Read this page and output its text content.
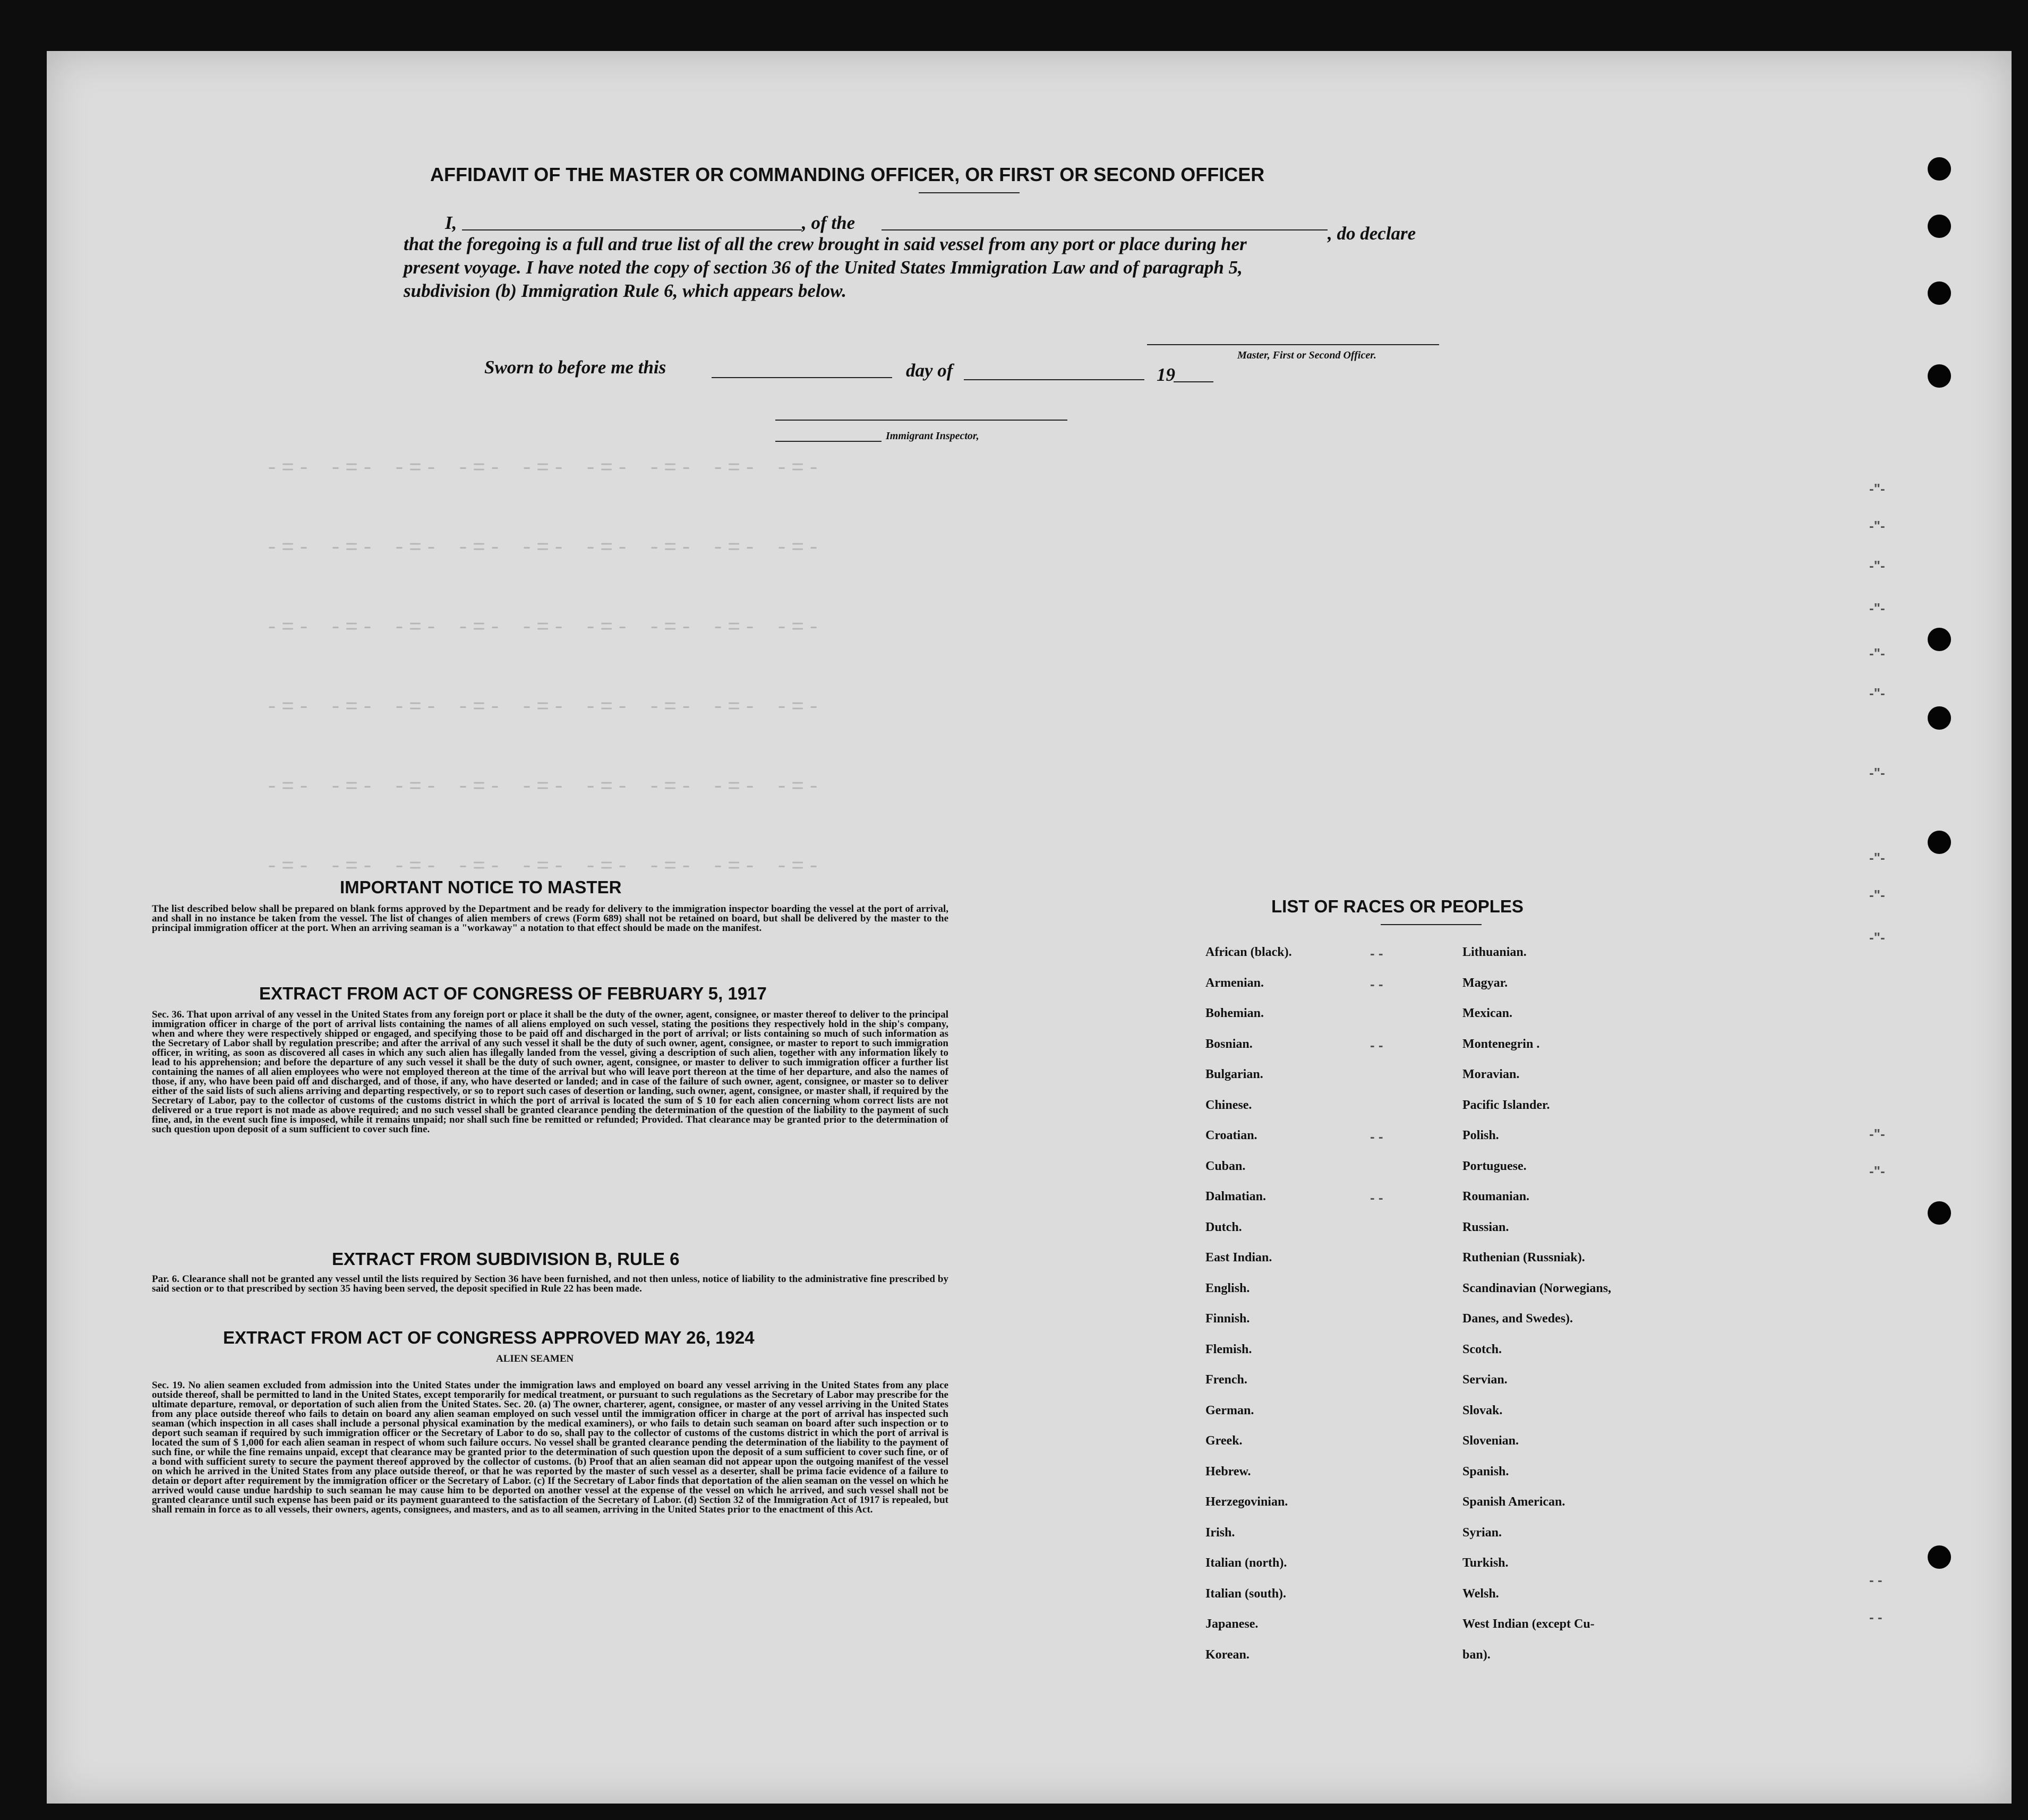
-=- -=- -=- -=- -=- -=- -=- -=- -=-
-=- -=- -=- -=- -=- -=- -=- -=- -=-
-=- -=- -=- -=- -=- -=- -=- -=- -=-
-=- -=- -=- -=- -=- -=- -=- -=- -=-
-=- -=- -=- -=- -=- -=- -=- -=- -=-
-=- -=- -=- -=- -=- -=- -=- -=- -=-
-"-
-"-
-"-
-"-
-"-
-"-
-"-
-"-
-"-
-"-
-"-
-"-
- -
- -
AFFIDAVIT OF THE MASTER OR COMMANDING OFFICER, OR FIRST OR SECOND OFFICER
I,	, of the
, do declare
that the foregoing is a full and true list of all the crew brought in said vessel from any port or place during her
present voyage. I have noted the copy of section 36 of the United States Immigration Law and of paragraph 5,
subdivision (b) Immigration Rule 6, which appears below.
Master, First or Second Officer.
Sworn to before me this	day of	19
Immigrant Inspector,
IMPORTANT NOTICE TO MASTER
The list described below shall be prepared on blank forms approved by the Department and be ready for delivery to the immigration inspector boarding the vessel at the port of arrival, and shall in no instance be taken from the vessel. The list of changes of alien members of crews (Form 689) shall not be retained on board, but shall be delivered by the master to the principal immigration officer at the port. When an arriving seaman is a "workaway" a notation to that effect should be made on the manifest.
EXTRACT FROM ACT OF CONGRESS OF FEBRUARY 5, 1917
Sec. 36. That upon arrival of any vessel in the United States from any foreign port or place it shall be the duty of the owner, agent, consignee, or master thereof to deliver to the principal immigration officer in charge of the port of arrival lists containing the names of all aliens employed on such vessel, stating the positions they respectively hold in the ship's company, when and where they were respectively shipped or engaged, and specifying those to be paid off and discharged in the port of arrival; or lists containing so much of such information as the Secretary of Labor shall by regulation prescribe; and after the arrival of any such vessel it shall be the duty of such owner, agent, consignee, or master to report to such immigration officer, in writing, as soon as discovered all cases in which any such alien has illegally landed from the vessel, giving a description of such alien, together with any information likely to lead to his apprehension; and before the departure of any such vessel it shall be the duty of such owner, agent, consignee, or master to deliver to such immigration officer a further list containing the names of all alien employees who were not employed thereon at the time of the arrival but who will leave port thereon at the time of her departure, and also the names of those, if any, who have been paid off and discharged, and of those, if any, who have deserted or landed; and in case of the failure of such owner, agent, consignee, or master so to deliver either of the said lists of such aliens arriving and departing respectively, or so to report such cases of desertion or landing, such owner, agent, consignee, or master shall, if required by the Secretary of Labor, pay to the collector of customs of the customs district in which the port of arrival is located the sum of $ 10 for each alien concerning whom correct lists are not delivered or a true report is not made as above required; and no such vessel shall be granted clearance pending the determination of the question of the liability to the payment of such fine, and, in the event such fine is imposed, while it remains unpaid; nor shall such fine be remitted or refunded; Provided. That clearance may be granted prior to the determination of such question upon deposit of a sum sufficient to cover such fine.
EXTRACT FROM SUBDIVISION B, RULE 6
Par. 6. Clearance shall not be granted any vessel until the lists required by Section 36 have been furnished, and not then unless, notice of liability to the administrative fine prescribed by said section or to that prescribed by section 35 having been served, the deposit specified in Rule 22 has been made.
EXTRACT FROM ACT OF CONGRESS APPROVED MAY 26, 1924
ALIEN SEAMEN
Sec. 19. No alien seamen excluded from admission into the United States under the immigration laws and employed on board any vessel arriving in the United States from any place outside thereof, shall be permitted to land in the United States, except temporarily for medical treatment, or pursuant to such regulations as the Secretary of Labor may prescribe for the ultimate departure, removal, or deportation of such alien from the United States. Sec. 20. (a) The owner, charterer, agent, consignee, or master of any vessel arriving in the United States from any place outside thereof who fails to detain on board any alien seaman employed on such vessel until the immigration officer in charge at the port of arrival has inspected such seaman (which inspection in all cases shall include a personal physical examination by the medical examiners), or who fails to detain such seaman on board after such inspection or to deport such seaman if required by such immigration officer or the Secretary of Labor to do so, shall pay to the collector of customs of the customs district in which the port of arrival is located the sum of $ 1,000 for each alien seaman in respect of whom such failure occurs. No vessel shall be granted clearance pending the determination of the liability to the payment of such fine, or while the fine remains unpaid, except that clearance may be granted prior to the determination of such question upon the deposit of a sum sufficient to cover such fine, or of a bond with sufficient surety to secure the payment thereof approved by the collector of customs. (b) Proof that an alien seaman did not appear upon the outgoing manifest of the vessel on which he arrived in the United States from any place outside thereof, or that he was reported by the master of such vessel as a deserter, shall be prima facie evidence of a failure to detain or deport after requirement by the immigration officer or the Secretary of Labor. (c) If the Secretary of Labor finds that deportation of the alien seaman on the vessel on which he arrived would cause undue hardship to such seaman he may cause him to be deported on another vessel at the expense of the vessel on which he arrived, and such vessel shall not be granted clearance until such expense has been paid or its payment guaranteed to the satisfaction of the Secretary of Labor. (d) Section 32 of the Immigration Act of 1917 is repealed, but shall remain in force as to all vessels, their owners, agents, consignees, and masters, and as to all seamen, arriving in the United States prior to the enactment of this Act.
LIST OF RACES OR PEOPLES
African (black).
Armenian.
Bohemian.
Bosnian.
Bulgarian.
Chinese.
Croatian.
Cuban.
Dalmatian.
Dutch.
East Indian.
English.
Finnish.
Flemish.
French.
German.
Greek.
Hebrew.
Herzegovinian.
Irish.
Italian (north).
Italian (south).
Japanese.
Korean.
Lithuanian.
Magyar.
Mexican.
Montenegrin .
Moravian.
Pacific Islander.
Polish.
Portuguese.
Roumanian.
Russian.
Ruthenian (Russniak).
Scandinavian (Norwegians,
Danes, and Swedes).
Scotch.
Servian.
Slovak.
Slovenian.
Spanish.
Spanish American.
Syrian.
Turkish.
Welsh.
West Indian (except Cu-
ban).
- -
- -
- -
- -
- -
